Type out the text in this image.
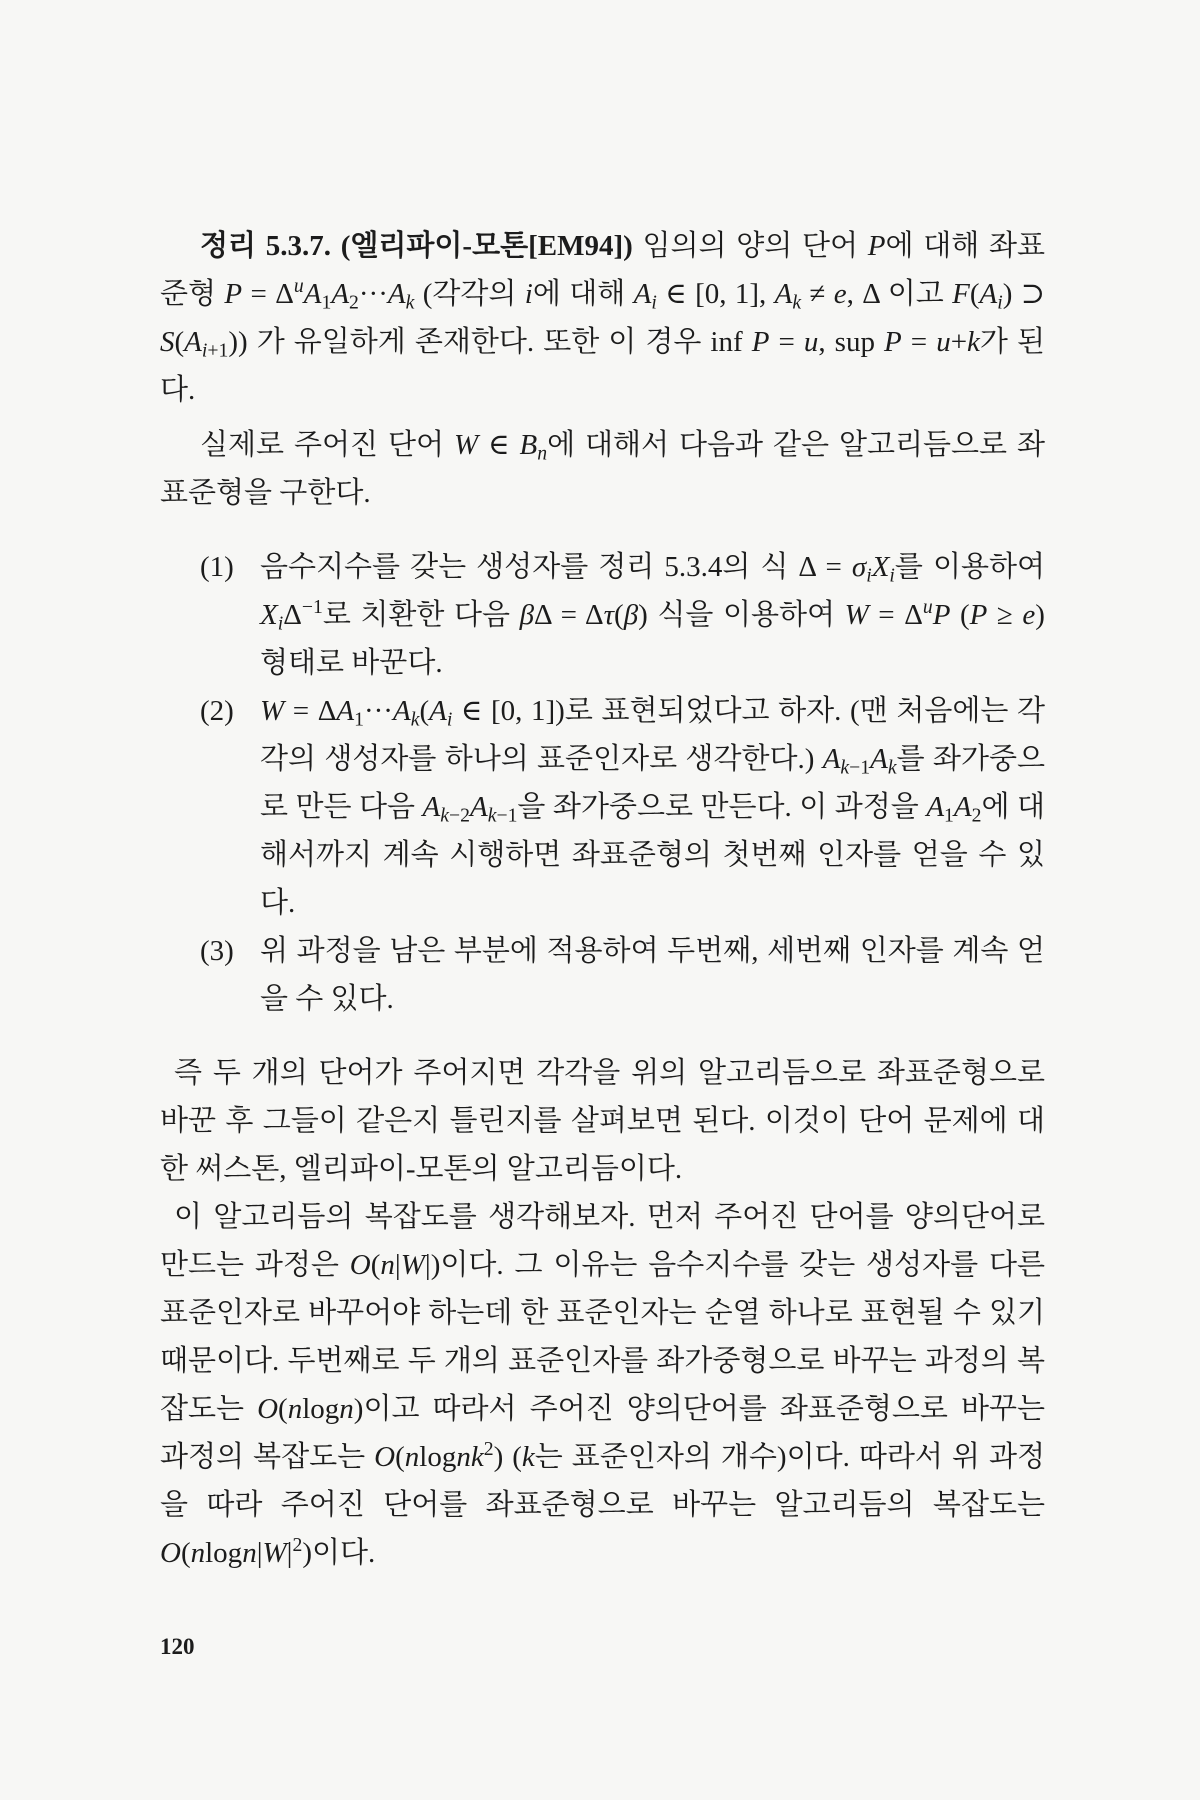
정리 5.3.7. (엘리파이-모톤[EM94]) 임의의 양의 단어 P에 대해 좌표준형 $P = \Delta^uA1A2\cdot\cdot\cdot Ak$ (각각의 i에 대해 Ai ∈ [0, 1], Ak ≠ e, Δ 이고 F(Ai) ⊃ S(Ai+1)) 가 유일하게 존재한다. 또한 이 경우 inf P = u, sup P = u+k가 된다.

실제로 주어진 단어 W ∈ Bn에 대해서 다음과 같은 알고리듬으로 좌표준형을 구한다.

(1) 음수지수를 갖는 생성자를 정리 5.3.4의 식 Δ = σiXi를 이용하여 XiΔ$^{-1}$로 치환한 다음 βΔ = Δτ(β) 식을 이용하여 $W = \Delta^uP$ (P ≥ e) 형태로 바꾼다.
(2) W = ΔA1···Ak(Ai ∈ [0, 1])로 표현되었다고 하자. (맨 처음에는 각각의 생성자를 하나의 표준인자로 생각한다.) Ak−1Ak를 좌가중으로 만든 다음 Ak−2Ak−1을 좌가중으로 만든다. 이 과정을 A1A2에 대해서까지 계속 시행하면 좌표준형의 첫번째 인자를 얻을 수 있다.
(3) 위 과정을 남은 부분에 적용하여 두번째, 세번째 인자를 계속 얻을 수 있다.

즉 두 개의 단어가 주어지면 각각을 위의 알고리듬으로 좌표준형으로 바꾼 후 그들이 같은지 틀린지를 살펴보면 된다. 이것이 단어 문제에 대한 써스톤, 엘리파이-모톤의 알고리듬이다.

이 알고리듬의 복잡도를 생각해보자. 먼저 주어진 단어를 양의단어로 만드는 과정은 O(n|W|)이다. 그 이유는 음수지수를 갖는 생성자를 다른 표준인자로 바꾸어야 하는데 한 표준인자는 순열 하나로 표현될 수 있기 때문이다. 두번째로 두 개의 표준인자를 좌가중형으로 바꾸는 과정의 복잡도는 O(nlogn)이고 따라서 주어진 양의단어를 좌표준형으로 바꾸는 과정의 복잡도는 O(nlognk$^2$) (k는 표준인자의 개수)이다. 따라서 위 과정을 따라 주어진 단어를 좌표준형으로 바꾸는 알고리듬의 복잡도는 $O(nlogn|W|^2)$이다.

120
